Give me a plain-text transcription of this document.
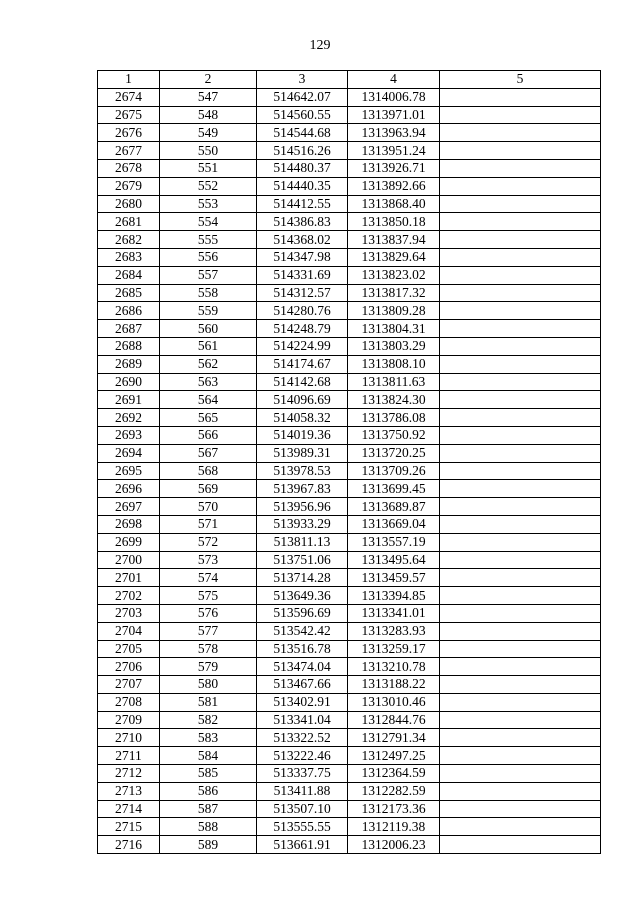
129
1	2	3	4	5
2674	547	514642.07	1314006.78	
2675	548	514560.55	1313971.01	
2676	549	514544.68	1313963.94	
2677	550	514516.26	1313951.24	
2678	551	514480.37	1313926.71	
2679	552	514440.35	1313892.66	
2680	553	514412.55	1313868.40	
2681	554	514386.83	1313850.18	
2682	555	514368.02	1313837.94	
2683	556	514347.98	1313829.64	
2684	557	514331.69	1313823.02	
2685	558	514312.57	1313817.32	
2686	559	514280.76	1313809.28	
2687	560	514248.79	1313804.31	
2688	561	514224.99	1313803.29	
2689	562	514174.67	1313808.10	
2690	563	514142.68	1313811.63	
2691	564	514096.69	1313824.30	
2692	565	514058.32	1313786.08	
2693	566	514019.36	1313750.92	
2694	567	513989.31	1313720.25	
2695	568	513978.53	1313709.26	
2696	569	513967.83	1313699.45	
2697	570	513956.96	1313689.87	
2698	571	513933.29	1313669.04	
2699	572	513811.13	1313557.19	
2700	573	513751.06	1313495.64	
2701	574	513714.28	1313459.57	
2702	575	513649.36	1313394.85	
2703	576	513596.69	1313341.01	
2704	577	513542.42	1313283.93	
2705	578	513516.78	1313259.17	
2706	579	513474.04	1313210.78	
2707	580	513467.66	1313188.22	
2708	581	513402.91	1313010.46	
2709	582	513341.04	1312844.76	
2710	583	513322.52	1312791.34	
2711	584	513222.46	1312497.25	
2712	585	513337.75	1312364.59	
2713	586	513411.88	1312282.59	
2714	587	513507.10	1312173.36	
2715	588	513555.55	1312119.38	
2716	589	513661.91	1312006.23	
